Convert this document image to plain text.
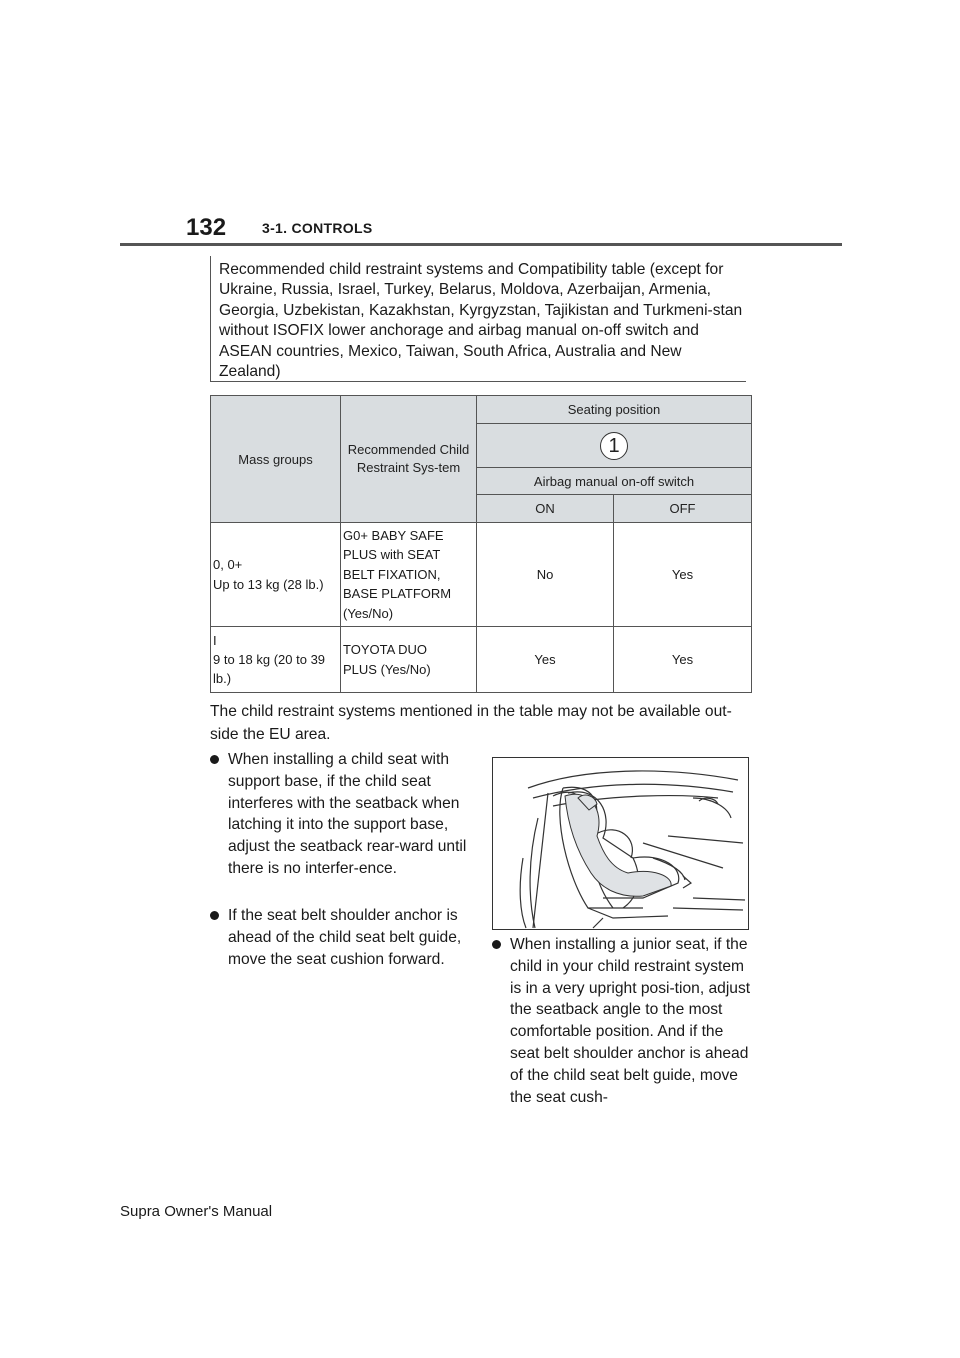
132	3-1. CONTROLS
Recommended child restraint systems and Compatibility table (except for Ukraine, Russia, Israel, Turkey, Belarus, Moldova, Azerbaijan, Armenia, Georgia, Uzbekistan, Kazakhstan, Kyrgyzstan, Tajikistan and Turkmeni-stan without ISOFIX lower anchorage and airbag manual on-off switch and ASEAN countries, Mexico, Taiwan, South Africa, Australia and New Zealand)
Mass groups	Recommended Child Restraint Sys-tem	Seating position	
		1	
		Airbag manual on-off switch	
		ON	OFF

0, 0+
Up to 13 kg (28 lb.)	G0+ BABY SAFE PLUS with SEAT BELT FIXATION, BASE PLATFORM (Yes/No)	No	Yes

I
9 to 18 kg (20 to 39 lb.)	TOYOTA DUO PLUS (Yes/No)	Yes	Yes
The child restraint systems mentioned in the table may not be available out-side the EU area.
When installing a child seat with support base, if the child seat interferes with the seatback when latching it into the support base, adjust the seatback rear-ward until there is no interfer-ence.
If the seat belt shoulder anchor is ahead of the child seat belt guide, move the seat cushion forward.
When installing a junior seat, if the child in your child restraint system is in a very upright posi-tion, adjust the seatback angle to the most comfortable position. And if the seat belt shoulder anchor is ahead of the child seat belt guide, move the seat cush-
Supra Owner's Manual
